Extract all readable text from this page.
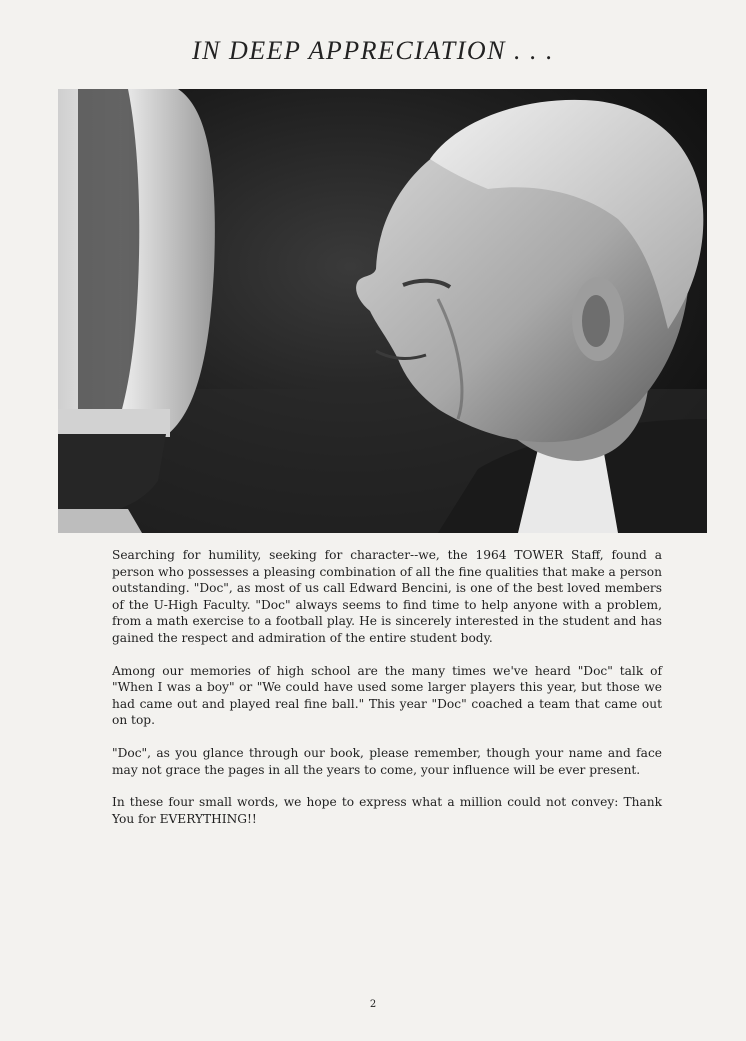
IN DEEP APPRECIATION . . .

Searching for humility, seeking for character--we, the 1964 TOWER Staff, found a person who possesses a pleasing combination of all the fine qualities that make a person outstanding. "Doc", as most of us call Edward Bencini, is one of the best loved members of the U-High Faculty. "Doc" always seems to find time to help anyone with a problem, from a math exercise to a football play. He is sincerely interested in the student and has gained the respect and admiration of the entire student body.

Among our memories of high school are the many times we've heard "Doc" talk of "When I was a boy" or "We could have used some larger players this year, but those we had came out and played real fine ball." This year "Doc" coached a team that came out on top.

"Doc", as you glance through our book, please remember, though your name and face may not grace the pages in all the years to come, your influence will be ever present.

In these four small words, we hope to express what a million could not convey: Thank You for EVERYTHING!!

2
